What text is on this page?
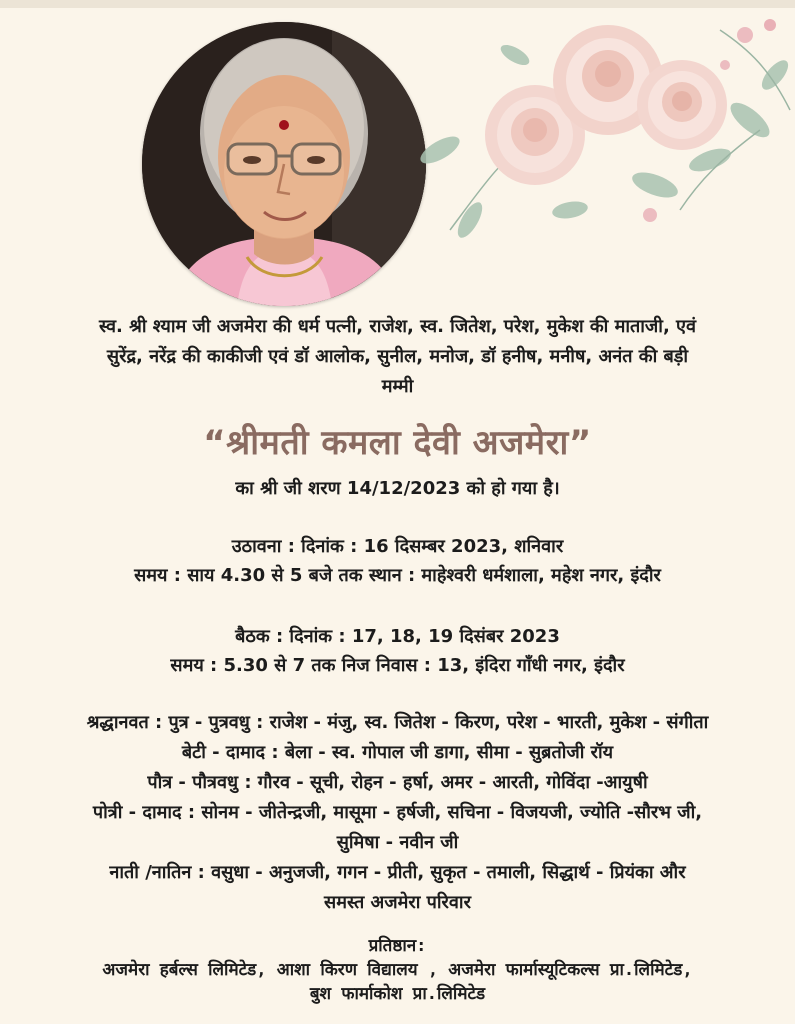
स्व. श्री श्याम जी अजमेरा की धर्म पत्नी, राजेश, स्व. जितेश, परेश, मुकेश की माताजी, एवं
सुरेंद्र, नरेंद्र की काकीजी एवं डॉ आलोक, सुनील, मनोज, डॉ हनीष, मनीष, अनंत की बड़ी
मम्मी
“श्रीमती कमला देवी अजमेरा”
का श्री जी शरण 14/12/2023 को हो गया है।
उठावना : दिनांक : 16 दिसम्बर 2023, शनिवार
समय : साय 4.30 से 5 बजे तक स्थान : माहेश्वरी धर्मशाला, महेश नगर, इंदौर
बैठक : दिनांक : 17, 18, 19 दिसंबर 2023
समय : 5.30 से 7 तक निज निवास : 13, इंदिरा गाँधी नगर, इंदौर
श्रद्धानवत : पुत्र - पुत्रवधु : राजेश - मंजु, स्व. जितेश - किरण, परेश - भारती, मुकेश - संगीता
बेटी - दामाद : बेला - स्व. गोपाल जी डागा, सीमा - सुब्रतोजी रॉय
पौत्र - पौत्रवधु : गौरव - सूची, रोहन - हर्षा, अमर - आरती, गोविंदा -आयुषी
पोत्री - दामाद : सोनम - जीतेन्द्रजी, मासूमा - हर्षजी, सचिना - विजयजी, ज्योति -सौरभ जी,
सुमिषा - नवीन जी
नाती /नातिन : वसुधा - अनुजजी, गगन - प्रीती, सुकृत - तमाली, सिद्धार्थ - प्रियंका और
समस्त अजमेरा परिवार
प्रतिष्ठान:
अजमेरा हर्बल्स लिमिटेड, आशा किरण विद्यालय , अजमेरा फार्मास्यूटिकल्स प्रा.लिमिटेड,
बुश फार्माकोश प्रा.लिमिटेड
